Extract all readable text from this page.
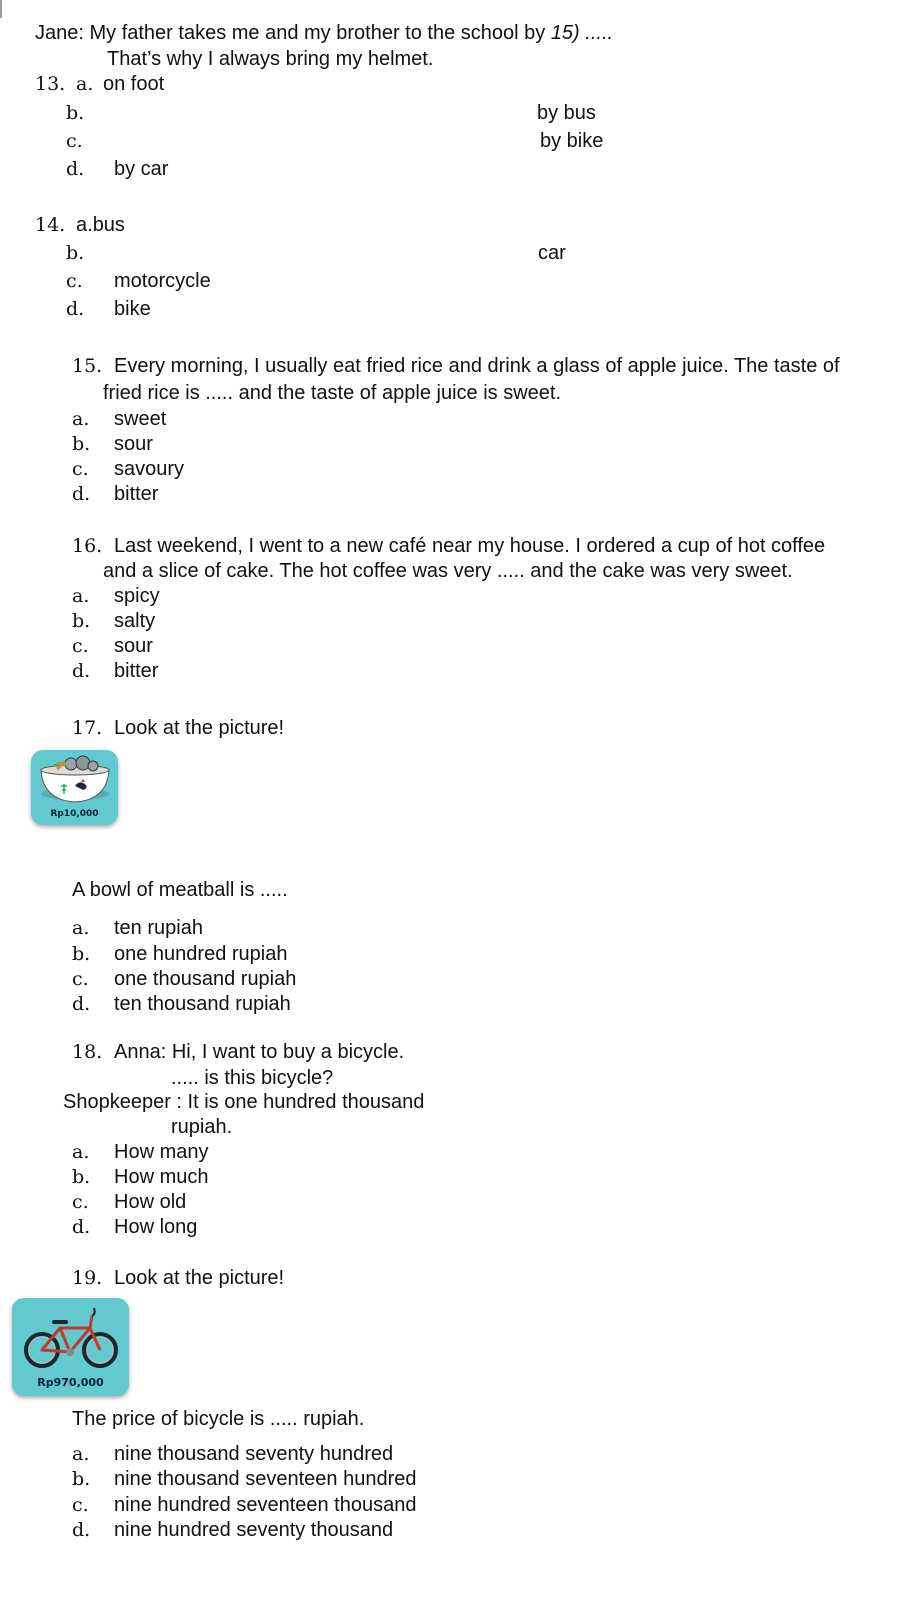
Jane: My father takes me and my brother to the school by 15) .....
That’s why I always bring my helmet.
13. a. on foot
b.	by bus
c.	by bike
d. by car
14. a.bus
b.	car
c. motorcycle
d. bike
15. Every morning, I usually eat fried rice and drink a glass of apple juice. The taste of
fried rice is ..... and the taste of apple juice is sweet.
a. sweet
b. sour
c. savoury
d. bitter
16. Last weekend, I went to a new café near my house. I ordered a cup of hot coffee
and a slice of cake. The hot coffee was very ..... and the cake was very sweet.
a. spicy
b. salty
c. sour
d. bitter
17. Look at the picture!
Rp10,000
A bowl of meatball is .....
a. ten rupiah
b. one hundred rupiah
c. one thousand rupiah
d. ten thousand rupiah
18. Anna: Hi, I want to buy a bicycle.
..... is this bicycle?
Shopkeeper : It is one hundred thousand
rupiah.
a. How many
b. How much
c. How old
d. How long
19. Look at the picture!
Rp970,000
The price of bicycle is ..... rupiah.
a. nine thousand seventy hundred
b. nine thousand seventeen hundred
c. nine hundred seventeen thousand
d. nine hundred seventy thousand
